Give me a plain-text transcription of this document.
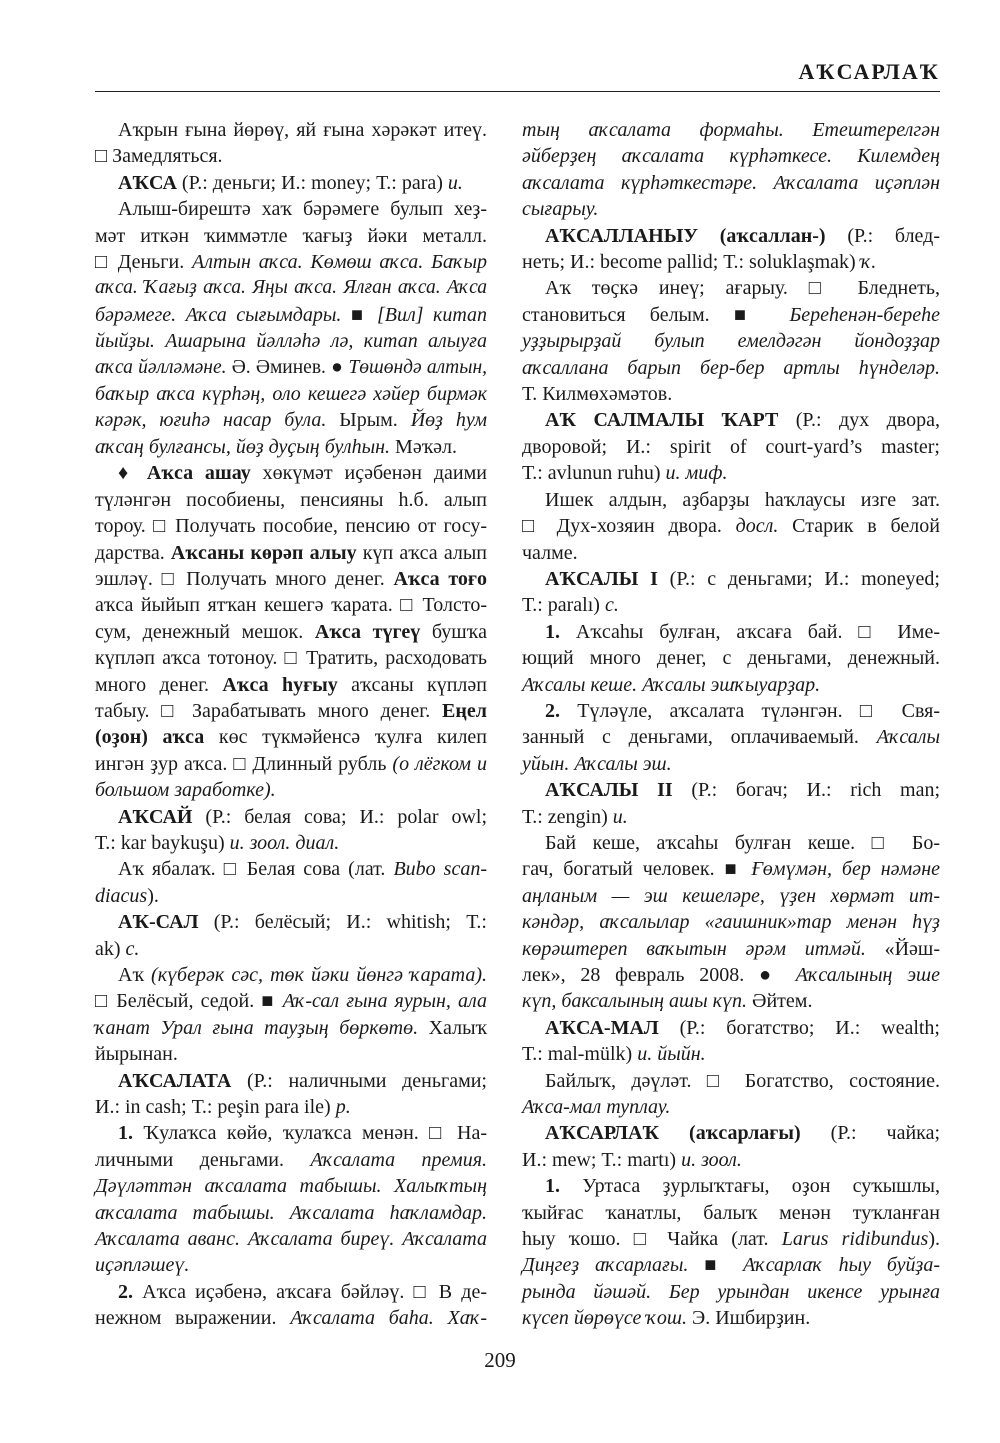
АҠСАРЛАҠ
Аҡрын ғына йөрөү, яй ғына хәрәкәт итеү.
□ Замедляться.
АҠСА (Р.: деньги; И.: money; Т.: para) и.
Алыш-бирештә хаҡ бәрәмеге булып хеҙ-
мәт иткән ҡиммәтле ҡағыҙ йәки металл.
□ Деньги. Алтын аҡса. Көмөш аҡса. Баҡыр
аҡса. Ҡағыҙ аҡса. Яңы аҡса. Ялған аҡса. Аҡса
бәрәмеге. Аҡса сығымдары. ■ [Вил] китап
йыйҙы. Ашарына йәлләһә лә, китап алыуға
аҡса йәлләмәне. Ә. Әминев. ● Төшөндә алтын,
баҡыр аҡса күрһәң, оло кешегә хәйер бирмәк
кәрәк, юғиһә насар була. Ырым. Йөҙ һум
аҡсаң булғансы, йөҙ дуҫың булһын. Мәҡәл.
♦ Аҡса ашау хөкүмәт иҫәбенән даими
түләнгән пособиены, пенсияны һ.б. алып
тороу. □ Получать пособие, пенсию от госу-
дарства. Аҡсаны көрәп алыу күп аҡса алып
эшләү. □ Получать много денег. Аҡса тоғо
аҡса йыйып ятҡан кешегә ҡарата. □ Толсто-
сум, денежный мешок. Аҡса түгеү бушҡа
күпләп аҡса тотоноу. □ Тратить, расходовать
много денег. Аҡса һуғыу аҡсаны күпләп
табыу. □ Зарабатывать много денег. Еңел
(оҙон) аҡса көс түкмәйенсә ҡулға килеп
ингән ҙур аҡса. □ Длинный рубль (о лёгком и
большом заработке).
АҠСАЙ (Р.: белая сова; И.: polar owl;
Т.: kar baykuşu) и. зоол. диал.
Аҡ ябалаҡ. □ Белая сова (лат. Bubo scan-
diacus).
АҠ-САЛ (Р.: белёсый; И.: whitish; Т.:
ak) с.
Аҡ (күберәк сәс, төк йәки йөнгә ҡарата).
□ Белёсый, седой. ■ Аҡ-сал ғына яурын, ала
ҡанат Урал ғына тауҙың бөркөтө. Халыҡ
йырынан.
АҠСАЛАТА (Р.: наличными деньгами;
И.: in cash; Т.: peşin para ile) р.
1. Ҡулаҡса көйө, ҡулаҡса менән. □ На-
личными деньгами. Аҡсалата премия.
Дәүләттән аҡсалата табышы. Халыҡтың
аҡсалата табышы. Аҡсалата һаҡламдар.
Аҡсалата аванс. Аҡсалата биреү. Аҡсалата
иҫәпләшеү.
2. Аҡса иҫәбенә, аҡсаға бәйләү. □ В де-
нежном выражении. Аҡсалата баһа. Хаҡ-
тың аҡсалата формаһы. Етештерелгән
әйберҙең аҡсалата күрһәткесе. Килемдең
аҡсалата күрһәткестәре. Аҡсалата иҫәплән
сығарыу.
АҠСАЛЛАНЫУ (аҡсаллан-) (Р.: блед-
неть; И.: become pallid; Т.: soluklaşmak) ҡ.
Аҡ төҫкә инеү; ағарыу. □ Бледнеть,
становиться белым. ■ Береһенән-береһе
уҙҙырырҙай булып емелдәгән йондоҙҙар
аҡсаллана барып бер-бер артлы һүнделәр.
Т. Килмөхәмәтов.
АҠ САЛМАЛЫ ҠАРТ (Р.: дух двора,
дворовой; И.: spirit of court-yard’s master;
Т.: avlunun ruhu) и. миф.
Ишек алдын, аҙбарҙы һаҡлаусы изге зат.
□ Дух-хозяин двора. досл. Старик в белой
чалме.
АҠСАЛЫ I (Р.: с деньгами; И.: moneyed;
Т.: paralı) с.
1. Аҡсаһы булған, аҡсаға бай. □ Име-
ющий много денег, с деньгами, денежный.
Аҡсалы кеше. Аҡсалы эшҡыуарҙар.
2. Түләүле, аҡсалата түләнгән. □ Свя-
занный с деньгами, оплачиваемый. Аҡсалы
уйын. Аҡсалы эш.
АҠСАЛЫ II (Р.: богач; И.: rich man;
Т.: zengin) и.
Бай кеше, аҡсаһы булған кеше. □ Бо-
гач, богатый человек. ■ Ғөмүмән, бер нәмәне
аңланым — эш кешеләре, үҙен хөрмәт ит-
кәндәр, аҡсалылар «гаишник»тар менән һүҙ
көрәштереп ваҡытын әрәм итмәй. «Йәш-
лек», 28 февраль 2008. ● Аҡсалының эше
күп, баксалының ашы күп. Әйтем.
АҠСА-МАЛ (Р.: богатство; И.: wealth;
Т.: mal-mülk) и. йыйн.
Байлыҡ, дәүләт. □ Богатство, состояние.
Аҡса-мал туплау.
АҠСАРЛАҠ (аҡсарлағы) (Р.: чайка;
И.: mew; Т.: martı) и. зоол.
1. Уртаса ҙурлыҡтағы, оҙон суҡышлы,
ҡыйғас ҡанатлы, балыҡ менән туҡланған
һыу ҡошо. □ Чайка (лат. Larus ridibundus).
Диңгеҙ аҡсарлағы. ■ Аҡсарлаҡ һыу буйҙа-
рында йәшәй. Бер урындан икенсе урынға
күсеп йөрөүсе ҡош. Э. Ишбирҙин.
209
